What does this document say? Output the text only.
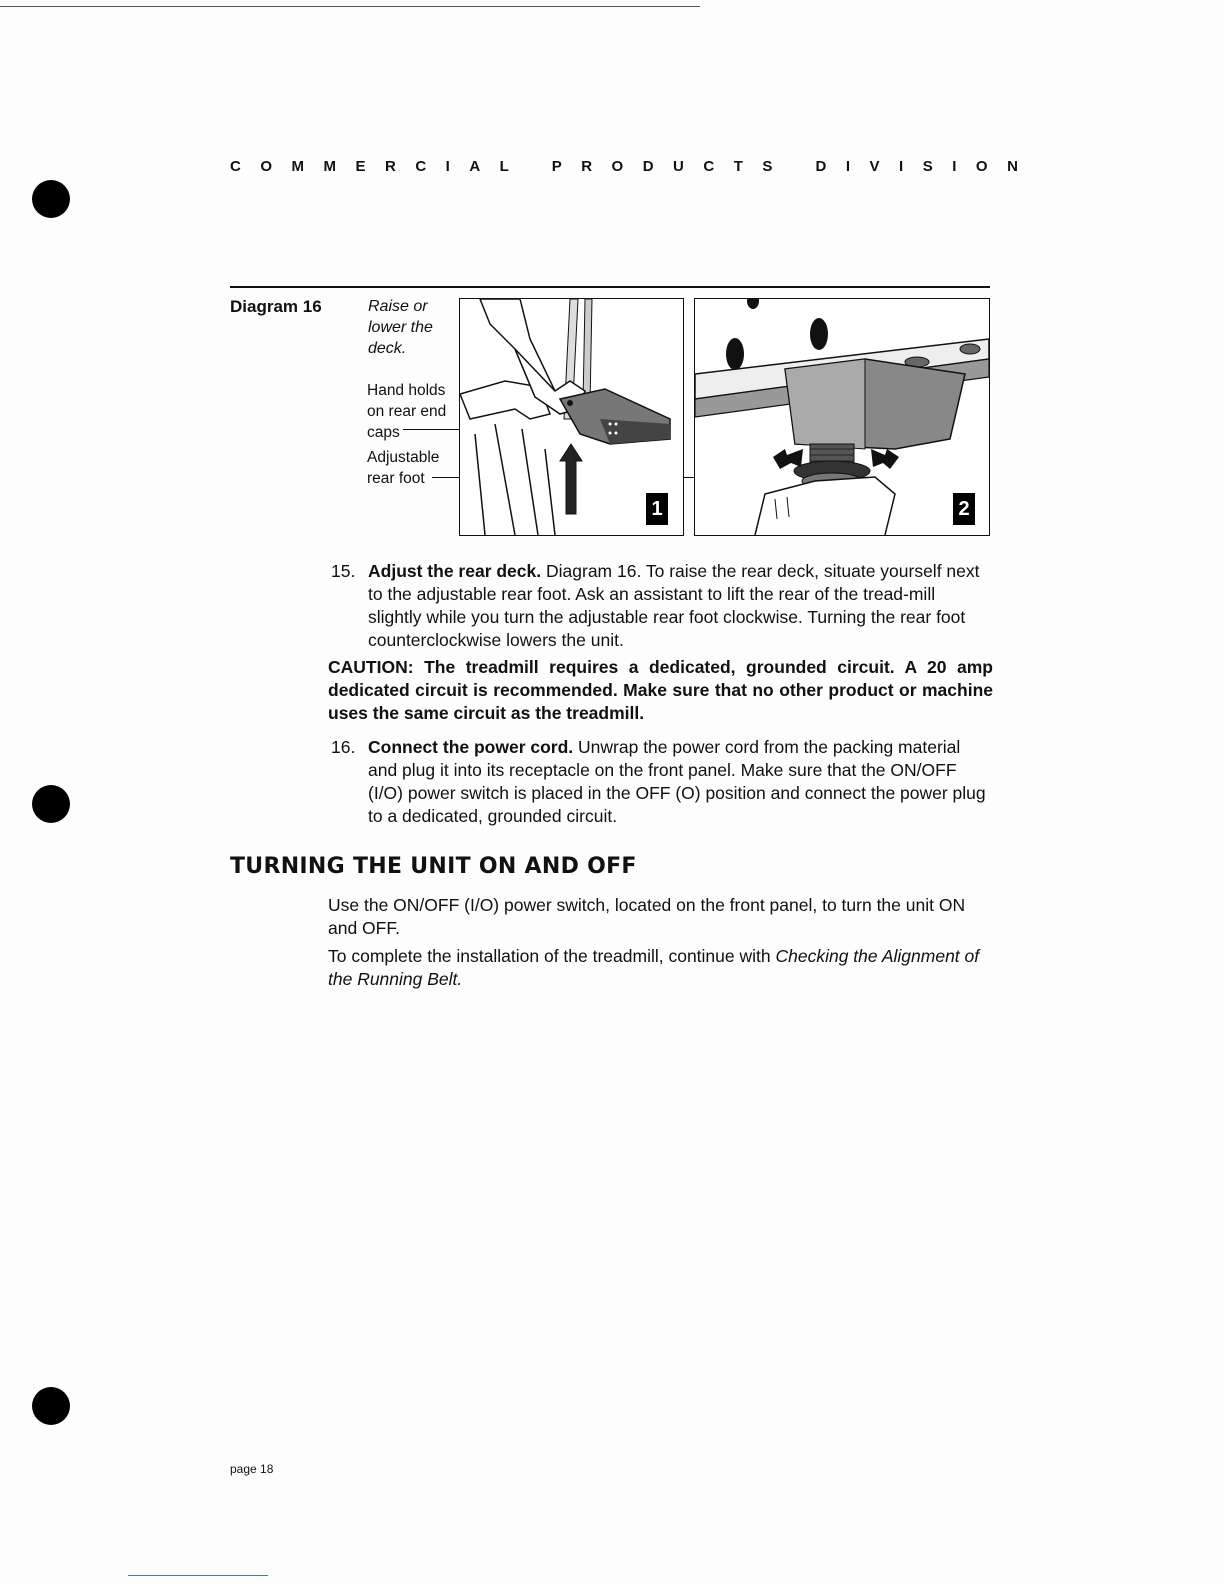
COMMERCIAL PRODUCTS DIVISION
Diagram 16	Raise or lower the deck.
Hand holds on rear end caps
Adjustable rear foot
1	2
15. Adjust the rear deck. Diagram 16. To raise the rear deck, situate yourself next to the adjustable rear foot. Ask an assistant to lift the rear of the tread-mill slightly while you turn the adjustable rear foot clockwise. Turning the rear foot counterclockwise lowers the unit.
CAUTION: The treadmill requires a dedicated, grounded circuit. A 20 amp dedicated circuit is recommended. Make sure that no other product or machine uses the same circuit as the treadmill.
16. Connect the power cord. Unwrap the power cord from the packing material and plug it into its receptacle on the front panel. Make sure that the ON/OFF (I/O) power switch is placed in the OFF (O) position and connect the power plug to a dedicated, grounded circuit.
TURNING THE UNIT ON AND OFF
Use the ON/OFF (I/O) power switch, located on the front panel, to turn the unit ON and OFF.
To complete the installation of the treadmill, continue with Checking the Alignment of the Running Belt.
page 18
